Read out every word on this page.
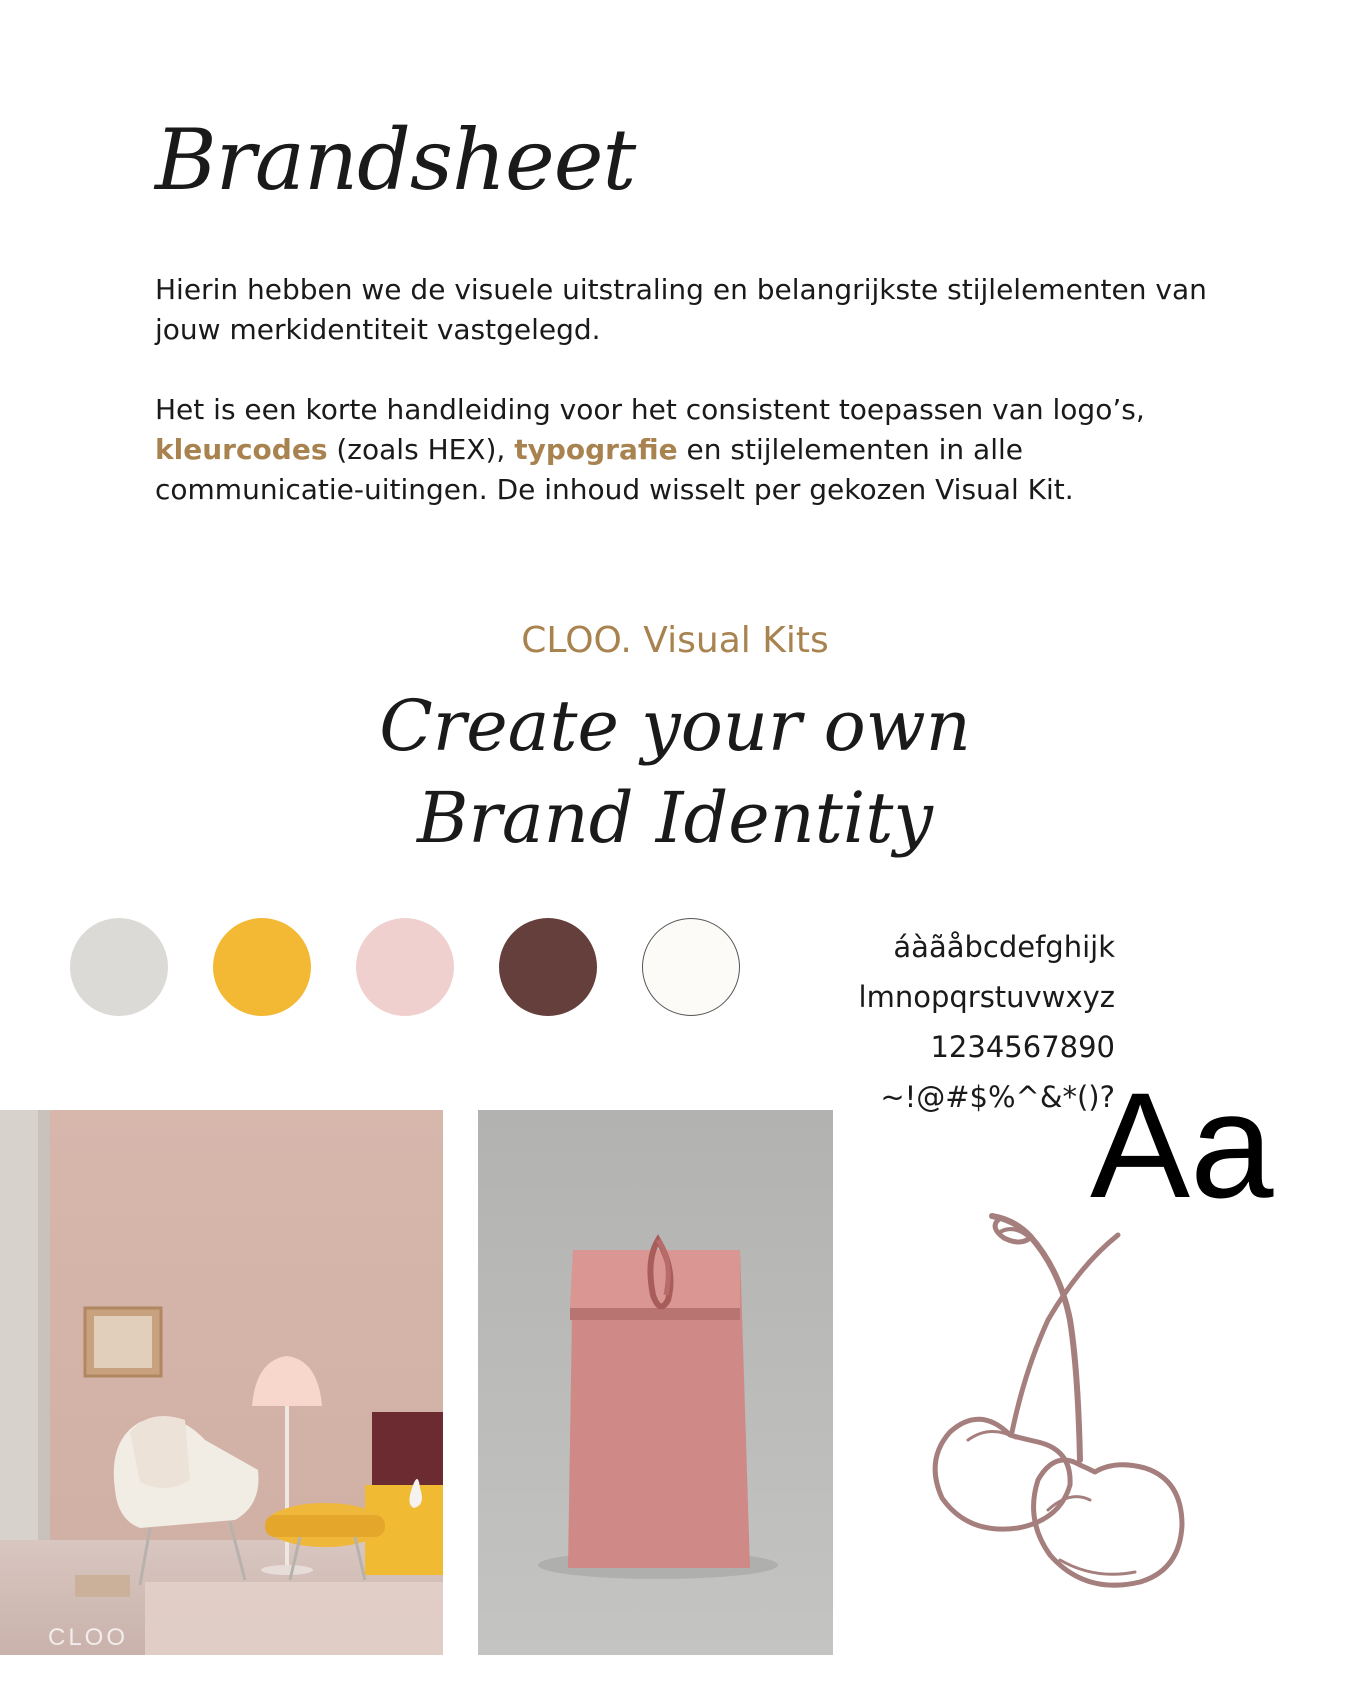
Brandsheet

Hierin hebben we de visuele uitstraling en belangrijkste stijlelementen van jouw merkidentiteit vastgelegd.

Het is een korte handleiding voor het consistent toepassen van logo’s, kleurcodes (zoals HEX), typografie en stijlelementen in alle communicatie-uitingen. De inhoud wisselt per gekozen Visual Kit.

CLOO. Visual Kits
Create your own
Brand Identity
áàãåbcdefghijk
lmnopqrstuvwxyz
1234567890
~!@#$%^&*()?
Aa
CLOO
